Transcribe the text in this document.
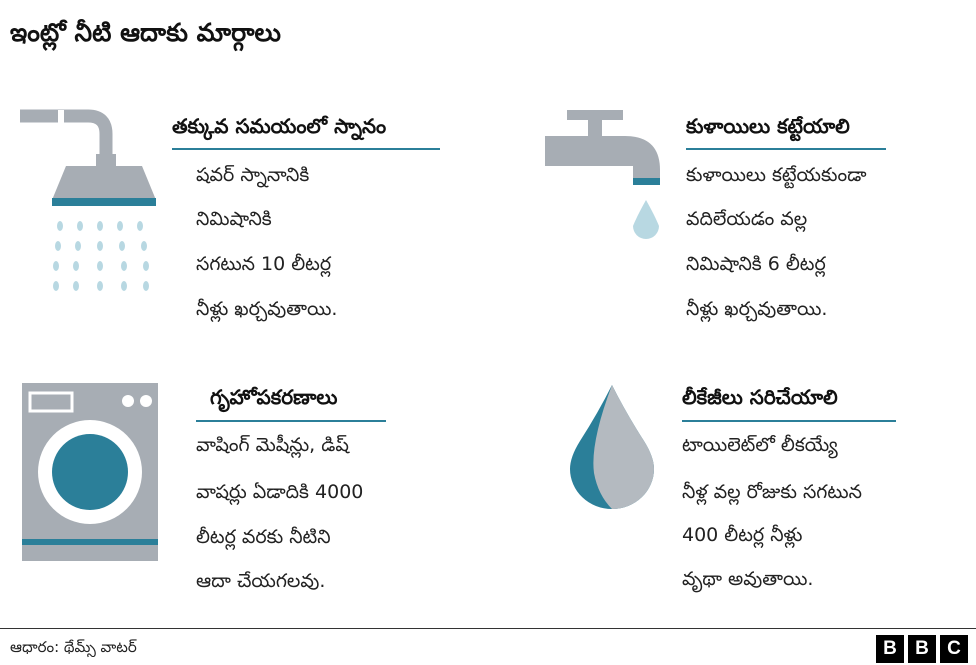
ఇంట్లో నీటి ఆదాకు మార్గాలు
తక్కువ సమయంలో స్నానం
షవర్ స్నానానికి
నిమిషానికి
సగటున 10 లీటర్ల
నీళ్లు ఖర్చవుతాయి.
కుళాయిలు కట్టేయాలి
కుళాయిలు కట్టేయకుండా
వదిలేయడం వల్ల
నిమిషానికి 6 లీటర్ల
నీళ్లు ఖర్చవుతాయి.
గృహోపకరణాలు
వాషింగ్ మెషీన్లు, డిష్
వాషర్లు ఏడాదికి 4000
లీటర్ల వరకు నీటిని
ఆదా చేయగలవు.
లీకేజీలు సరిచేయాలి
టాయిలెట్‌లో లీకయ్యే
నీళ్ల వల్ల రోజుకు సగటున
400 లీటర్ల నీళ్లు
వృథా అవుతాయి.
ఆధారం: థేమ్స్ వాటర్	B B C
